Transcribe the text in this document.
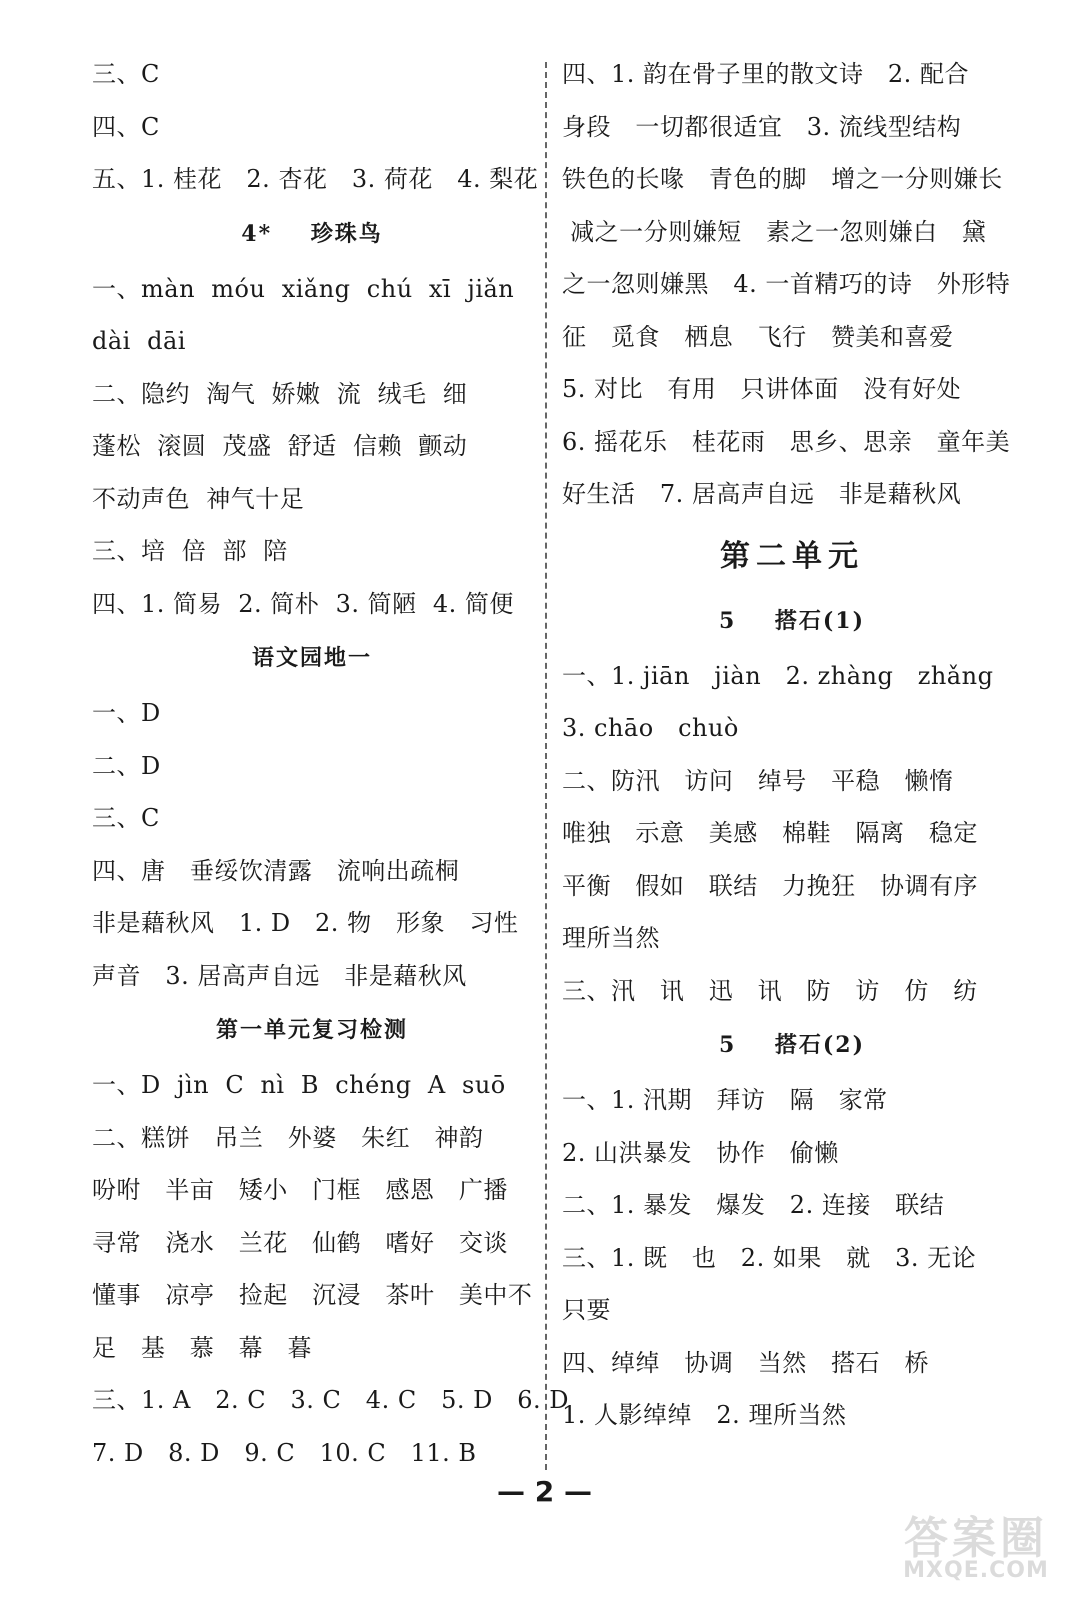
三、C
四、C
五、1. 桂花   2. 杏花   3. 荷花   4. 梨花
4*    珍珠鸟
一、màn  móu  xiǎng  chú  xī  jiǎn
dài  dāi
二、隐约  淘气  娇嫩  流  绒毛  细
蓬松  滚圆  茂盛  舒适  信赖  颤动
不动声色  神气十足
三、培  倍  部  陪
四、1. 简易  2. 简朴  3. 简陋  4. 简便
语文园地一
一、D
二、D
三、C
四、唐   垂绥饮清露   流响出疏桐
非是藉秋风   1. D   2. 物   形象   习性
声音   3. 居高声自远   非是藉秋风
第一单元复习检测
一、D  jìn  C  nì  B  chéng  A  suō
二、糕饼   吊兰   外婆   朱红   神韵
吩咐   半亩   矮小   门框   感恩   广播
寻常   浇水   兰花   仙鹤   嗜好   交谈
懂事   凉亭   捡起   沉浸   茶叶   美中不
足   基   慕   幕   暮
三、1. A   2. C   3. C   4. C   5. D   6. D
7. D   8. D   9. C   10. C   11. B
四、1. 韵在骨子里的散文诗   2. 配合
身段   一切都很适宜   3. 流线型结构
铁色的长喙   青色的脚   增之一分则嫌长
减之一分则嫌短   素之一忽则嫌白   黛
之一忽则嫌黑   4. 一首精巧的诗   外形特
征   觅食   栖息   飞行   赞美和喜爱
5. 对比   有用   只讲体面   没有好处
6. 摇花乐   桂花雨   思乡、思亲   童年美
好生活   7. 居高声自远   非是藉秋风
第二单元
5    搭石(1)
一、1. jiān   jiàn   2. zhàng   zhǎng
3. chāo   chuò
二、防汛   访问   绰号   平稳   懒惰
唯独   示意   美感   棉鞋   隔离   稳定
平衡   假如   联结   力挽狂   协调有序
理所当然
三、汛   讯   迅   讯   防   访   仿   纺
5    搭石(2)
一、1. 汛期   拜访   隔   家常
2. 山洪暴发   协作   偷懒
二、1. 暴发   爆发   2. 连接   联结
三、1. 既   也   2. 如果   就   3. 无论
只要
四、绰绰   协调   当然   搭石   桥
1. 人影绰绰   2. 理所当然
— 2 —
答案圈
MXQE.COM
